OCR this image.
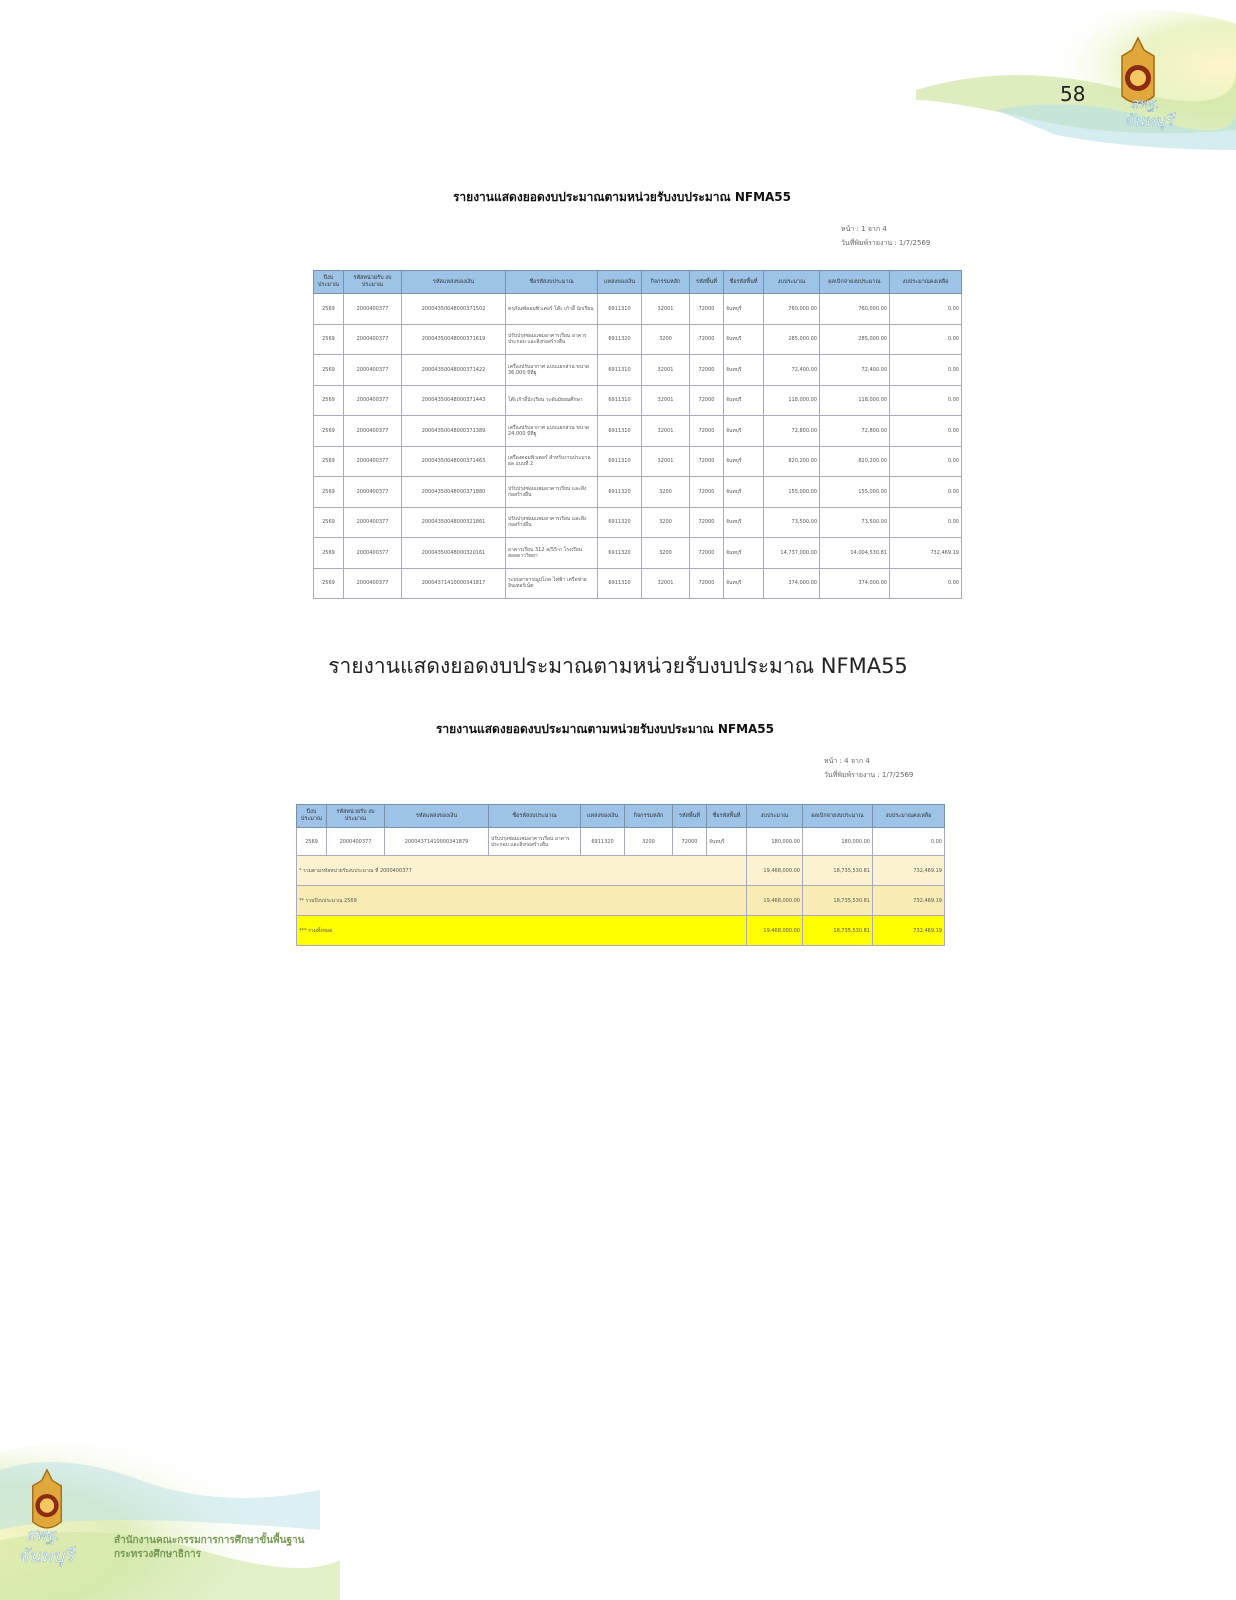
58	สพฐ.
จันทบุรี
สพฐ.
จันทบุรี
สำนักงานคณะกรรมการการศึกษาขั้นพื้นฐาน
กระทรวงศึกษาธิการ
รายงานแสดงยอดงบประมาณตามหน่วยรับงบประมาณ NFMA55
หน้า : 1 จาก 4
วันที่พิมพ์รายงาน : 1/7/2569
ปีงบ ประมาณ	รหัสหน่วยรับ งบประมาณ	รหัสแหล่งของเงิน	ชื่อรหัสงบประมาณ	แหล่งของเงิน	กิจกรรมหลัก	รหัสพื้นที่	ชื่อรหัสพื้นที่	งบประมาณ	ผลเบิกจ่ายงบประมาณ	งบประมาณคงเหลือ
2569	2000400377	20004350048000371502	ครุภัณฑ์คอมพิวเตอร์ โต๊ะ เก้าอี้ นักเรียน	6911310	32001	72000	จันทบุรี	760,000.00	760,000.00	0.00
2569	2000400377	20004350048000371619	ปรับปรุงซ่อมแซมอาคารเรียน อาคารประกอบ และสิ่งก่อสร้างอื่น	6911320	3200	72000	จันทบุรี	285,000.00	285,000.00	0.00
2569	2000400377	20004350048000371422	เครื่องปรับอากาศ แบบแยกส่วน ขนาด 36,000 บีทียู	6911310	32001	72000	จันทบุรี	72,400.00	72,400.00	0.00
2569	2000400377	20004350048000371443	โต๊ะเก้าอี้นักเรียน ระดับมัธยมศึกษา	6911310	32001	72000	จันทบุรี	118,000.00	118,000.00	0.00
2569	2000400377	20004350048000371389	เครื่องปรับอากาศ แบบแยกส่วน ขนาด 24,000 บีทียู	6911310	32001	72000	จันทบุรี	72,800.00	72,800.00	0.00
2569	2000400377	20004350048000371463	เครื่องคอมพิวเตอร์ สำหรับงานประมวลผล แบบที่ 2	6911310	32001	72000	จันทบุรี	820,200.00	820,200.00	0.00
2569	2000400377	20004350048000371880	ปรับปรุงซ่อมแซมอาคารเรียน และสิ่งก่อสร้างอื่น	6911320	3200	72000	จันทบุรี	155,000.00	155,000.00	0.00
2569	2000400377	20004350048000321861	ปรับปรุงซ่อมแซมอาคารเรียน และสิ่งก่อสร้างอื่น	6911320	3200	72000	จันทบุรี	73,500.00	73,500.00	0.00
2569	2000400377	20004350048000320161	อาคารเรียน 312 ล/55-ก โรงเรียนสอยดาววิทยา	6911320	3200	72000	จันทบุรี	14,737,000.00	14,004,530.81	732,469.19
2569	2000400377	20004371410000341817	ระบบสาธารณูปโภค ไฟฟ้า เครือข่ายอินเทอร์เน็ต	6911310	32001	72000	จันทบุรี	374,000.00	374,000.00	0.00
รายงานแสดงยอดงบประมาณตามหน่วยรับงบประมาณ NFMA55
รายงานแสดงยอดงบประมาณตามหน่วยรับงบประมาณ NFMA55
หน้า : 4 จาก 4
วันที่พิมพ์รายงาน : 1/7/2569
ปีงบ ประมาณ	รหัสหน่วยรับ งบประมาณ	รหัสแหล่งของเงิน	ชื่อรหัสงบประมาณ	แหล่งของเงิน	กิจกรรมหลัก	รหัสพื้นที่	ชื่อรหัสพื้นที่	งบประมาณ	ผลเบิกจ่ายงบประมาณ	งบประมาณคงเหลือ
2569	2000400377	20004371410000341879	ปรับปรุงซ่อมแซมอาคารเรียน อาคารประกอบ และสิ่งก่อสร้างอื่น	6911320	3200	72000	จันทบุรี	180,000.00	180,000.00	0.00
* รวมตามรหัสหน่วยรับงบประมาณ ที่ 2000400377								19,468,000.00	18,735,530.81	732,469.19
** รวมปีงบประมาณ 2569								19,468,000.00	18,735,530.81	732,469.19
*** รวมทั้งหมด								19,468,000.00	18,735,530.81	732,469.19
